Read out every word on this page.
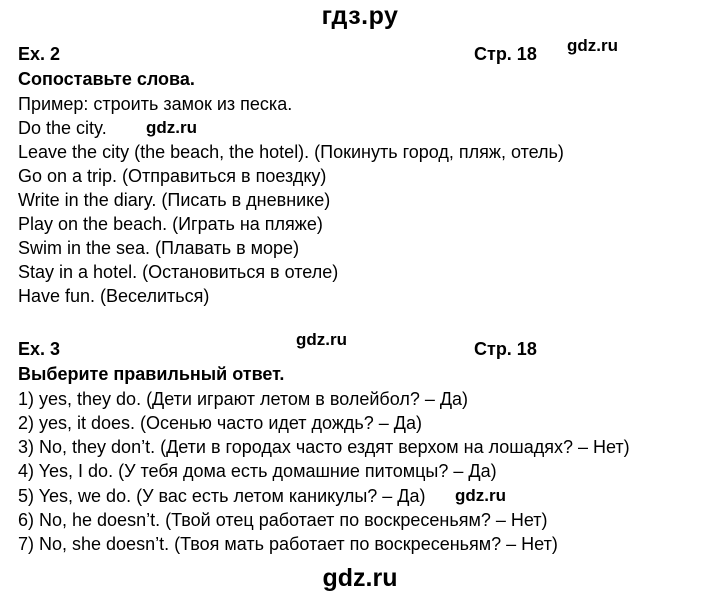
гдз.ру
Ex. 2	Стр. 18 gdz.ru
Сопоставьте слова.
Пример: строить замок из песка.
Do the city. gdz.ru
Leave the city (the beach, the hotel). (Покинуть город, пляж, отель)
Go on a trip. (Отправиться в поездку)
Write in the diary. (Писать в дневнике)
Play on the beach. (Играть на пляже)
Swim in the sea. (Плавать в море)
Stay in a hotel. (Остановиться в отеле)
Have fun. (Веселиться)
gdz.ru
Ex. 3	Стр. 18
Выберите правильный ответ.
1) yes, they do. (Дети играют летом в волейбол? – Да)
2) yes, it does. (Осенью часто идет дождь? – Да)
3) No, they don’t. (Дети в городах часто ездят верхом на лошадях? – Нет)
4) Yes, I do. (У тебя дома есть домашние питомцы? – Да)
5) Yes, we do. (У вас есть летом каникулы? – Да) gdz.ru
6) No, he doesn’t. (Твой отец работает по воскресеньям? – Нет)
7) No, she doesn’t. (Твоя мать работает по воскресеньям? – Нет)
gdz.ru
